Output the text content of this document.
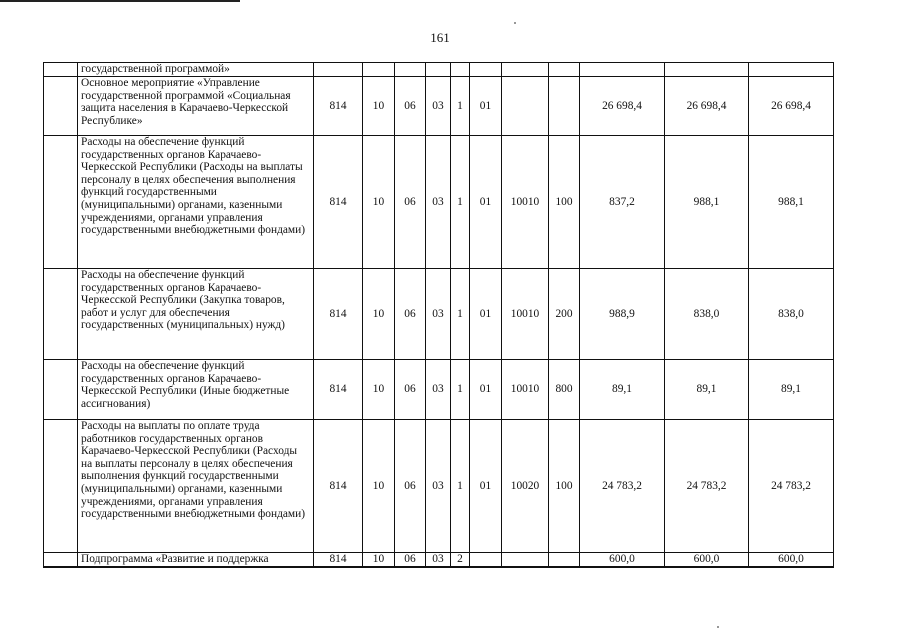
161
	государственной программой»											
	Основное мероприятие «Управление государственной программой «Социальная защита населения в Карачаево-Черкесской Республике»	814	10	06	03	1	01			26 698,4	26 698,4	26 698,4
	Расходы на обеспечение функций государственных органов Карачаево-Черкесской Республики (Расходы на выплаты персоналу в целях обеспечения выполнения функций государственными (муниципальными) органами, казенными учреждениями, органами управления государственными внебюджетными фондами)	814	10	06	03	1	01	10010	100	837,2	988,1	988,1
	Расходы на обеспечение функций государственных органов Карачаево-Черкесской Республики (Закупка товаров, работ и услуг для обеспечения государственных (муниципальных) нужд)	814	10	06	03	1	01	10010	200	988,9	838,0	838,0
	Расходы на обеспечение функций государственных органов Карачаево-Черкесской Республики (Иные бюджетные ассигнования)	814	10	06	03	1	01	10010	800	89,1	89,1	89,1
	Расходы на выплаты по оплате труда работников государственных органов Карачаево-Черкесской Республики (Расходы на выплаты персоналу в целях обеспечения выполнения функций государственными (муниципальными) органами, казенными учреждениями, органами управления государственными внебюджетными фондами)	814	10	06	03	1	01	10020	100	24 783,2	24 783,2	24 783,2
	Подпрограмма «Развитие и поддержка	814	10	06	03	2				600,0	600,0	600,0
